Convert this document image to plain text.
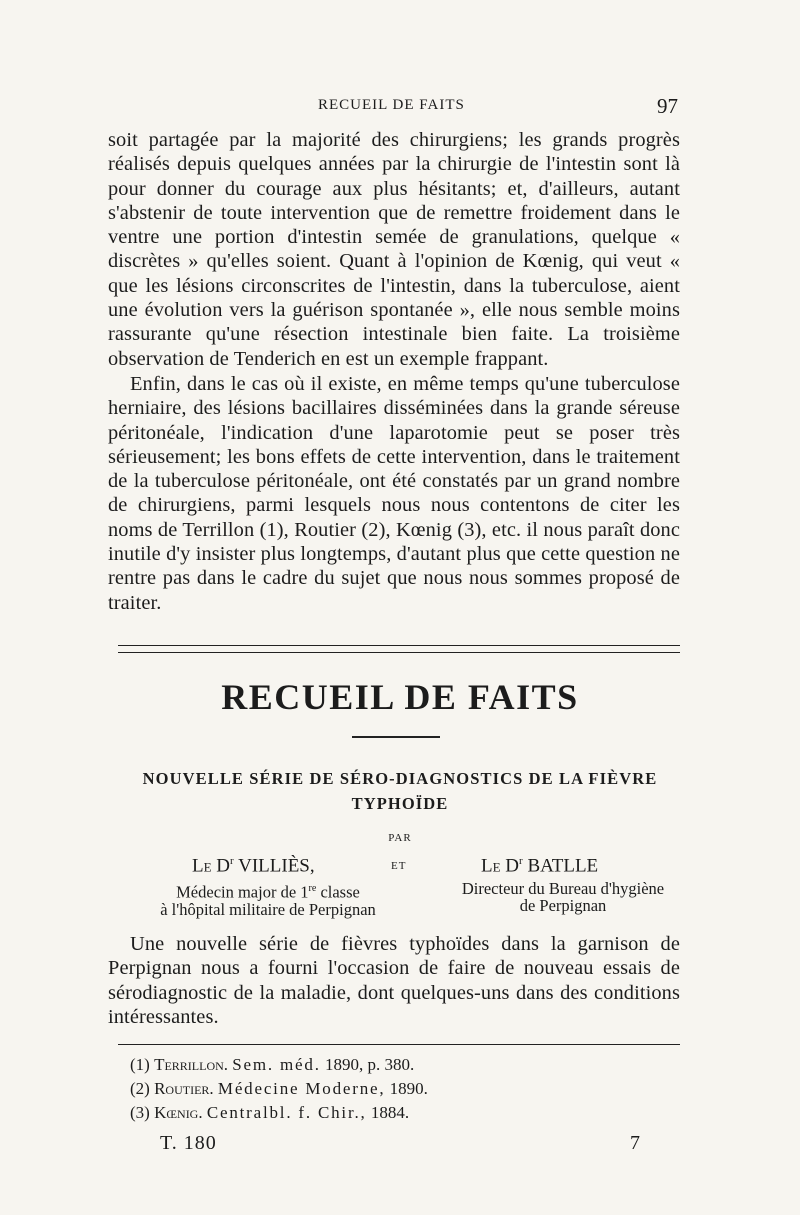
RECUEIL DE FAITS	97

soit partagée par la majorité des chirurgiens; les grands progrès réalisés depuis quelques années par la chirurgie de l'intestin sont là pour donner du courage aux plus hésitants; et, d'ailleurs, autant s'abstenir de toute intervention que de remettre froidement dans le ventre une portion d'intestin semée de granulations, quelque « discrètes » qu'elles soient. Quant à l'opinion de Kœnig, qui veut « que les lésions circonscrites de l'intestin, dans la tuberculose, aient une évolution vers la guérison spontanée », elle nous semble moins rassurante qu'une résection intestinale bien faite. La troisième observation de Tenderich en est un exemple frappant.

Enfin, dans le cas où il existe, en même temps qu'une tuberculose herniaire, des lésions bacillaires disséminées dans la grande séreuse péritonéale, l'indication d'une laparotomie peut se poser très sérieusement; les bons effets de cette intervention, dans le traitement de la tuberculose péritonéale, ont été constatés par un grand nombre de chirurgiens, parmi lesquels nous nous contentons de citer les noms de Terrillon (1), Routier (2), Kœnig (3), etc. il nous paraît donc inutile d'y insister plus longtemps, d'autant plus que cette question ne rentre pas dans le cadre du sujet que nous nous sommes proposé de traiter.

RECUEIL DE FAITS
NOUVELLE SÉRIE DE SÉRO-DIAGNOSTICS DE LA FIÈVRE
TYPHOÏDE
PAR
Le $D^r$ VILLIÈS,	ET	Le $D^r$ BATLLE
Médecin major de 1re classe
à l'hôpital militaire de Perpignan
Directeur du Bureau d'hygiène
de Perpignan

Une nouvelle série de fièvres typhoïdes dans la garnison de Perpignan nous a fourni l'occasion de faire de nouveau essais de sérodiagnostic de la maladie, dont quelques-uns dans des conditions intéressantes.

(1) Terrillon. Sem. méd. 1890, p. 380.
(2) Routier. Médecine Moderne, 1890.
(3) Kœnig. Centralbl. f. Chir., 1884.
T. 180	7
